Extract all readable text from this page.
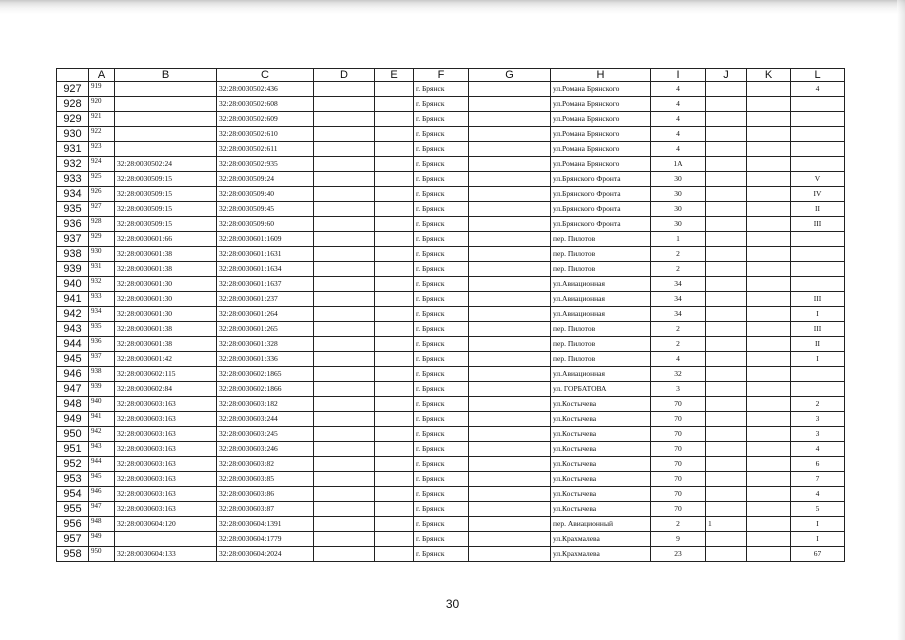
	A	B	C	D	E	F	G	H	I	J	K	L
927	919		32:28:0030502:436			г. Брянск		ул.Романа Брянского	4			4
928	920		32:28:0030502:608			г. Брянск		ул.Романа Брянского	4			
929	921		32:28:0030502:609			г. Брянск		ул.Романа Брянского	4			
930	922		32:28:0030502:610			г. Брянск		ул.Романа Брянского	4			
931	923		32:28:0030502:611			г. Брянск		ул.Романа Брянского	4			
932	924	32:28:0030502:24	32:28:0030502:935			г. Брянск		ул.Романа Брянского	1А			
933	925	32:28:0030509:15	32:28:0030509:24			г. Брянск		ул.Брянского Фронта	30			V
934	926	32:28:0030509:15	32:28:0030509:40			г. Брянск		ул.Брянского Фронта	30			IV
935	927	32:28:0030509:15	32:28:0030509:45			г. Брянск		ул.Брянского Фронта	30			II
936	928	32:28:0030509:15	32:28:0030509:60			г. Брянск		ул.Брянского Фронта	30			III
937	929	32:28:0030601:66	32:28:0030601:1609			г. Брянск		пер. Пилотов	1			
938	930	32:28:0030601:38	32:28:0030601:1631			г. Брянск		пер. Пилотов	2			
939	931	32:28:0030601:38	32:28:0030601:1634			г. Брянск		пер. Пилотов	2			
940	932	32:28:0030601:30	32:28:0030601:1637			г. Брянск		ул.Авиационная	34			
941	933	32:28:0030601:30	32:28:0030601:237			г. Брянск		ул.Авиационная	34			III
942	934	32:28:0030601:30	32:28:0030601:264			г. Брянск		ул.Авиационная	34			I
943	935	32:28:0030601:38	32:28:0030601:265			г. Брянск		пер. Пилотов	2			III
944	936	32:28:0030601:38	32:28:0030601:328			г. Брянск		пер. Пилотов	2			II
945	937	32:28:0030601:42	32:28:0030601:336			г. Брянск		пер. Пилотов	4			I
946	938	32:28:0030602:115	32:28:0030602:1865			г. Брянск		ул.Авиационная	32			
947	939	32:28:0030602:84	32:28:0030602:1866			г. Брянск		ул. ГОРБАТОВА	3			
948	940	32:28:0030603:163	32:28:0030603:182			г. Брянск		ул.Костычева	70			2
949	941	32:28:0030603:163	32:28:0030603:244			г. Брянск		ул.Костычева	70			3
950	942	32:28:0030603:163	32:28:0030603:245			г. Брянск		ул.Костычева	70			3
951	943	32:28:0030603:163	32:28:0030603:246			г. Брянск		ул.Костычева	70			4
952	944	32:28:0030603:163	32:28:0030603:82			г. Брянск		ул.Костычева	70			6
953	945	32:28:0030603:163	32:28:0030603:85			г. Брянск		ул.Костычева	70			7
954	946	32:28:0030603:163	32:28:0030603:86			г. Брянск		ул.Костычева	70			4
955	947	32:28:0030603:163	32:28:0030603:87			г. Брянск		ул.Костычева	70			5
956	948	32:28:0030604:120	32:28:0030604:1391			г. Брянск		пер. Авиационный	2	1		I
957	949		32:28:0030604:1779			г. Брянск		ул.Крахмалева	9			I
958	950	32:28:0030604:133	32:28:0030604:2024			г. Брянск		ул.Крахмалева	23			67
30
